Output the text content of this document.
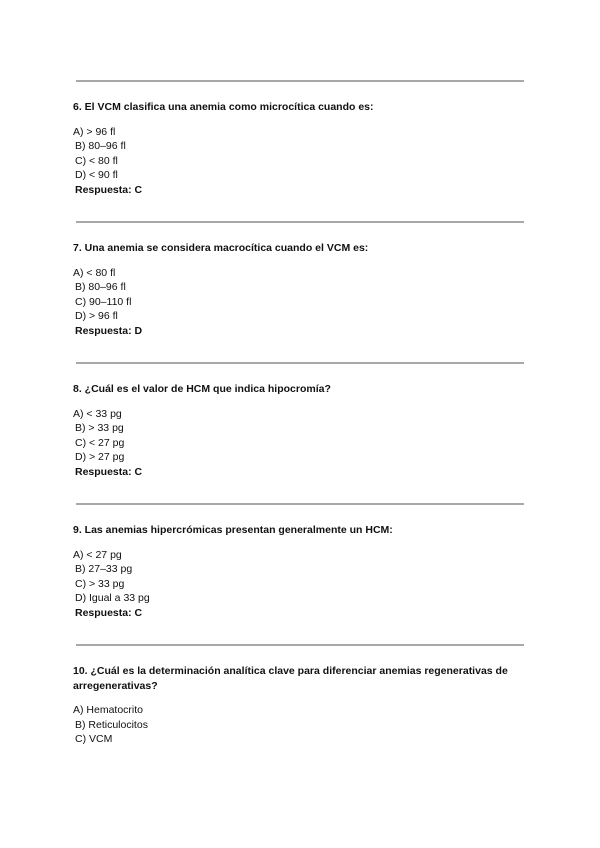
6. El VCM clasifica una anemia como microcítica cuando es:

A) > 96 fl

B) 80–96 fl

C) < 80 fl

D) < 90 fl

Respuesta: C

7. Una anemia se considera macrocítica cuando el VCM es:

A) < 80 fl

B) 80–96 fl

C) 90–110 fl

D) > 96 fl

Respuesta: D

8. ¿Cuál es el valor de HCM que indica hipocromía?

A) < 33 pg

B) > 33 pg

C) < 27 pg

D) > 27 pg

Respuesta: C

9. Las anemias hipercrómicas presentan generalmente un HCM:

A) < 27 pg

B) 27–33 pg

C) > 33 pg

D) Igual a 33 pg

Respuesta: C

10. ¿Cuál es la determinación analítica clave para diferenciar anemias regenerativas de arregenerativas?

A) Hematocrito

B) Reticulocitos

C) VCM
